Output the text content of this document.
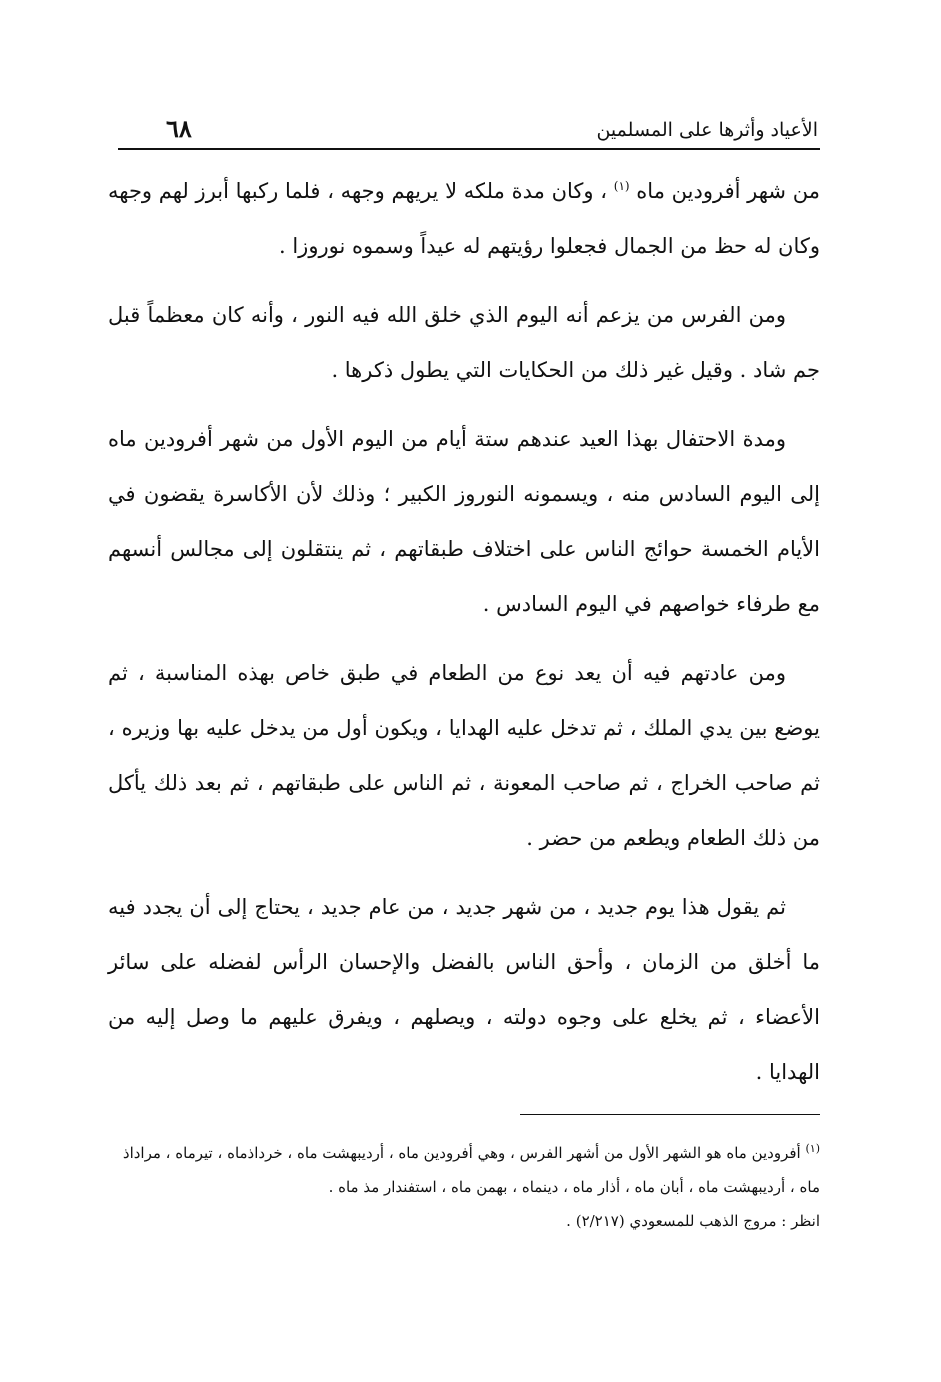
الأعياد وأثرها على المسلمين
٦٨

من شهر أفرودين ماه $^{(١)}$ ، وكان مدة ملكه لا يريهم وجهه ، فلما ركبها أبرز لهم وجهه وكان له حظ من الجمال فجعلوا رؤيتهم له عيداً وسموه نوروزا .

ومن الفرس من يزعم أنه اليوم الذي خلق الله فيه النور ، وأنه كان معظماً قبل جم شاد . وقيل غير ذلك من الحكايات التي يطول ذكرها .

ومدة الاحتفال بهذا العيد عندهم ستة أيام من اليوم الأول من شهر أفرودين ماه إلى اليوم السادس منه ، ويسمونه النوروز الكبير ؛ وذلك لأن الأكاسرة يقضون في الأيام الخمسة حوائج الناس على اختلاف طبقاتهم ، ثم ينتقلون إلى مجالس أنسهم مع طرفاء خواصهم في اليوم السادس .

ومن عادتهم فيه أن يعد نوع من الطعام في طبق خاص بهذه المناسبة ، ثم يوضع بين يدي الملك ، ثم تدخل عليه الهدايا ، ويكون أول من يدخل عليه بها وزيره ، ثم صاحب الخراج ، ثم صاحب المعونة ، ثم الناس على طبقاتهم ، ثم بعد ذلك يأكل من ذلك الطعام ويطعم من حضر .

ثم يقول هذا يوم جديد ، من شهر جديد ، من عام جديد ، يحتاج إلى أن يجدد فيه ما أخلق من الزمان ، وأحق الناس بالفضل والإحسان الرأس لفضله على سائر الأعضاء ، ثم يخلع على وجوه دولته ، ويصلهم ، ويفرق عليهم ما وصل إليه من الهدايا .

$^{(١)}$ أفرودين ماه هو الشهر الأول من أشهر الفرس ، وهي أفرودين ماه ، أرديبهشت ماه ، خرداذماه ، تيرماه ، مراداذ ماه ، أرديبهشت ماه ، أبان ماه ، أذار ماه ، دينماه ، بهمن ماه ، استفندار مذ ماه .

انظر : مروج الذهب للمسعودي (٢/٢١٧) .
